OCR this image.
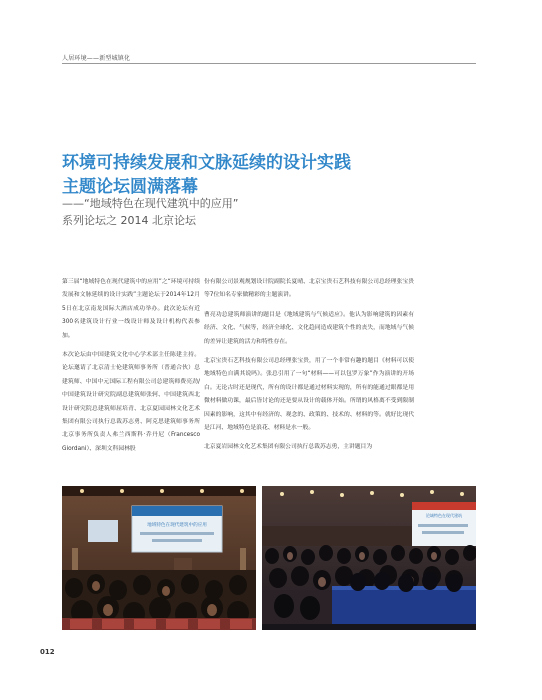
人居环境——新型城镇化
环境可持续发展和文脉延续的设计实践
主题论坛圆满落幕
——“地域特色在现代建筑中的应用”
系列论坛之 2014 北京论坛

第三届“地域特色在现代建筑中的应用”之“环境可持续发展和文脉延续的设计实践”主题论坛于2014年12月5日在北京南龙国际大酒店成功举办。此次论坛有近300名建筑设计行业一线设计师及设计机构代表参加。

本次论坛由中国建筑文化中心学术部主任陈建主持。论坛邀请了北京清士伦建筑师事务所（普通合伙）总建筑师、中国中元国际工程有限公司总建筑师费亮劲/中国建筑设计研究院副总建筑师张轲、中国建筑西北设计研究院总建筑师屈培青、北京夏园园林文化艺术集团有限公司执行总裁苏志勇、阿克思建筑师事务所北京事务所负责人弗兰西斯科·乔丹尼（Francesco Giordani）、深圳文科园林股

份有限公司景观规划设计院副院长夏晴、北京宝贵石艺科技有限公司总经理张宝贵等7位知名专家做精彩的主题演讲。

曹亮功总建筑师演讲的题目是《地域建筑与气候适应》。他认为影响建筑的因素有经济、文化、气候等，经济全球化、文化趋同造成建筑个性的丧失，而地域与气候的差异让建筑的活力和特性存在。

北京宝贵石艺科技有限公司总经理张宝贵，用了一个非常有趣的题目《材料可以使地域特色自满其说吗》。张总引用了一句“材料——可以包罗万象”作为演讲的开场白。无论古时还是现代，所有的设计都是通过材料实现的，所有的能通过眼都是用微材料做功课，最后皆讨论的还是要从设计的载体开始。所谓的风格离不受到限制因素的影响，这其中有经济的、观念的、政策的、技术的、材料的等。就好比现代是江河、地域特色是浪花、材料是水一般。

北京夏岩园林文化艺术集团有限公司执行总裁苏志勇，主讲题目为

地域特色在现代建筑中的应用
论域特色在现代建筑
012
